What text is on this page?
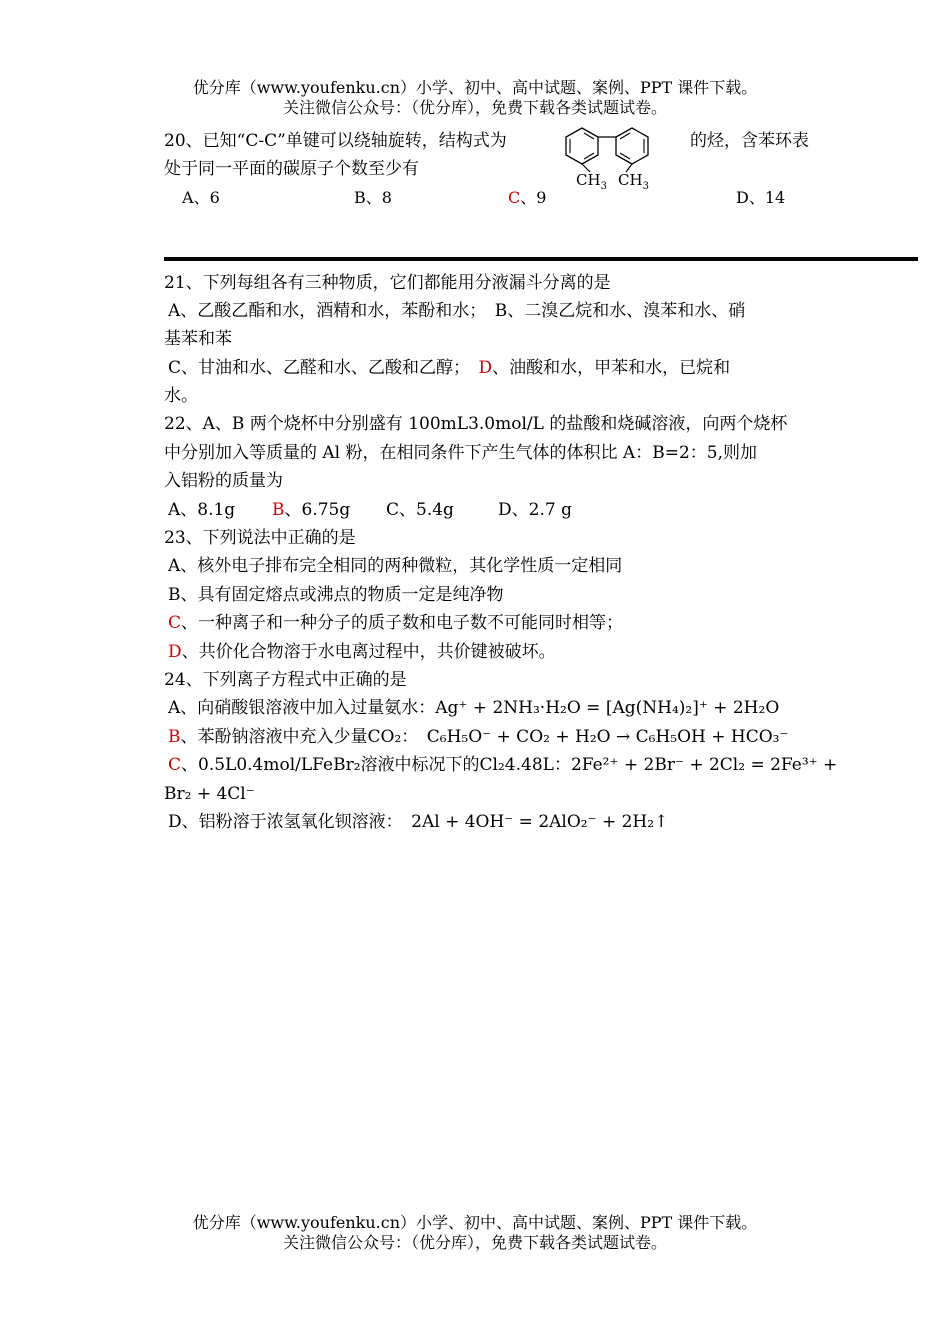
优分库（www.youfenku.cn）小学、初中、高中试题、案例、PPT 课件下载。
关注微信公众号：（优分库），免费下载各类试题试卷。
20、已知“C-C”单键可以绕轴旋转，结构式为
$CH_3$ $CH_3$
的烃，含苯环表
处于同一平面的碳原子个数至少有
A、6	B、8	C、9	D、14
21、下列每组各有三种物质，它们都能用分液漏斗分离的是
A、乙酸乙酯和水，酒精和水，苯酚和水；　B、二溴乙烷和水、溴苯和水、硝
基苯和苯
C、甘油和水、乙醛和水、乙酸和乙醇；　D、油酸和水，甲苯和水，已烷和
水。
22、A、B 两个烧杯中分别盛有 100mL3.0mol/L 的盐酸和烧碱溶液，向两个烧杯
中分别加入等质量的 Al 粉，在相同条件下产生气体的体积比 A：B=2：5,则加
入铝粉的质量为
A、8.1g B、6.75g C、5.4g	D、2.7 g
23、下列说法中正确的是
A、核外电子排布完全相同的两种微粒，其化学性质一定相同
B、具有固定熔点或沸点的物质一定是纯净物
C、一种离子和一种分子的质子数和电子数不可能同时相等；
D、共价化合物溶于水电离过程中，共价键被破坏。
24、下列离子方程式中正确的是
A、向硝酸银溶液中加入过量氨水：Ag⁺ + 2NH₃·H₂O = [Ag(NH₄)₂]⁺ + 2H₂O
B、苯酚钠溶液中充入少量CO₂：　C₆H₅O⁻ + CO₂ + H₂O → C₆H₅OH + HCO₃⁻
C、0.5L0.4mol/LFeBr₂溶液中标况下的Cl₂4.48L：2Fe²⁺ + 2Br⁻ + 2Cl₂ = 2Fe³⁺ +
Br₂ + 4Cl⁻
D、铝粉溶于浓氢氧化钡溶液：　2Al + 4OH⁻ = 2AlO₂⁻ + 2H₂↑
优分库（www.youfenku.cn）小学、初中、高中试题、案例、PPT 课件下载。
关注微信公众号：（优分库），免费下载各类试题试卷。
